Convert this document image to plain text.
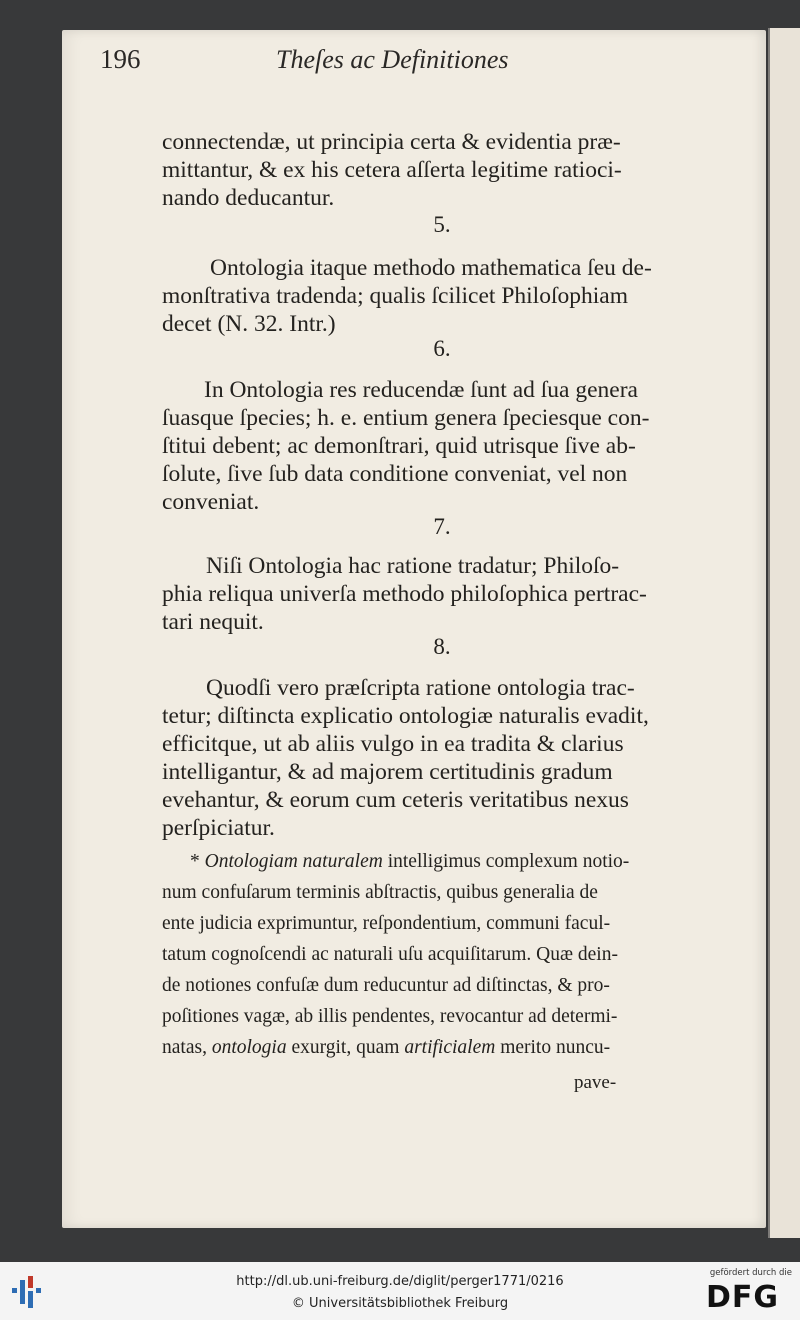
196	Theſes ac Definitiones
connectendæ, ut principia certa & evidentia præ-
mittantur, & ex his cetera aſſerta legitime ratioci-
nando deducantur.
5.
Ontologia itaque methodo mathematica ſeu de-
monſtrativa tradenda; qualis ſcilicet Philoſophiam
decet (N. 32. Intr.)
6.
In Ontologia res reducendæ ſunt ad ſua genera
ſuasque ſpecies; h. e. entium genera ſpeciesque con-
ſtitui debent; ac demonſtrari, quid utrisque ſive ab-
ſolute, ſive ſub data conditione conveniat, vel non
conveniat.
7.
Niſi Ontologia hac ratione tradatur; Philoſo-
phia reliqua univerſa methodo philoſophica pertrac-
tari nequit.
8.
Quodſi vero præſcripta ratione ontologia trac-
tetur; diſtincta explicatio ontologiæ naturalis evadit,
efficitque, ut ab aliis vulgo in ea tradita & clarius
intelligantur, & ad majorem certitudinis gradum
evehantur, & eorum cum ceteris veritatibus nexus
perſpiciatur.
* Ontologiam naturalem intelligimus complexum notio-
num confuſarum terminis abſtractis, quibus generalia de
ente judicia exprimuntur, reſpondentium, communi facul-
tatum cognoſcendi ac naturali uſu acquiſitarum. Quæ dein-
de notiones confuſæ dum reducuntur ad diſtinctas, & pro-
poſitiones vagæ, ab illis pendentes, revocantur ad determi-
natas, ontologia exurgit, quam artificialem merito nuncu-
pave-
http://dl.ub.uni-freiburg.de/diglit/perger1771/0216
© Universitätsbibliothek Freiburg
gefördert durch die
DFG
